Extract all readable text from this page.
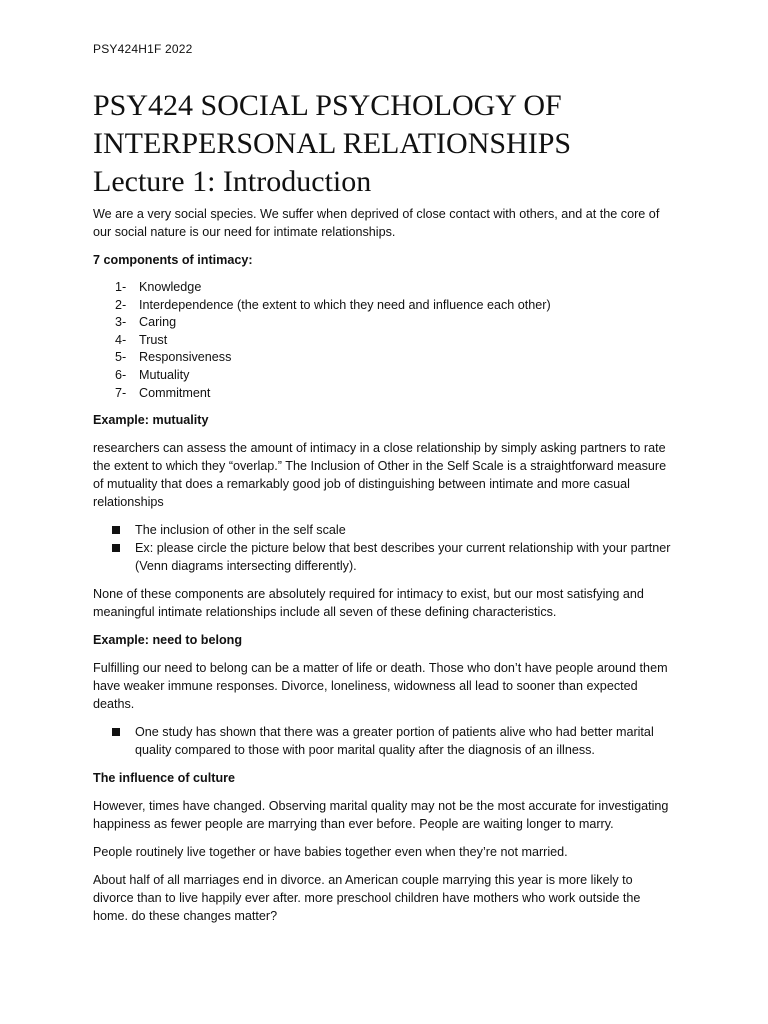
PSY424H1F 2022
PSY424 SOCIAL PSYCHOLOGY OF
INTERPERSONAL RELATIONSHIPS
Lecture 1: Introduction

We are a very social species. We suffer when deprived of close contact with others, and at the core of our social nature is our need for intimate relationships.

7 components of intimacy:

1- Knowledge
2- Interdependence (the extent to which they need and influence each other)
3- Caring
4- Trust
5- Responsiveness
6- Mutuality
7- Commitment

Example: mutuality

researchers can assess the amount of intimacy in a close relationship by simply asking partners to rate the extent to which they “overlap.” The Inclusion of Other in the Self Scale is a straightforward measure of mutuality that does a remarkably good job of distinguishing between intimate and more casual relationships

The inclusion of other in the self scale
Ex: please circle the picture below that best describes your current relationship with your partner (Venn diagrams intersecting differently).

None of these components are absolutely required for intimacy to exist, but our most satisfying and meaningful intimate relationships include all seven of these defining characteristics.

Example: need to belong

Fulfilling our need to belong can be a matter of life or death. Those who don’t have people around them have weaker immune responses. Divorce, loneliness, widowness all lead to sooner than expected deaths.

One study has shown that there was a greater portion of patients alive who had better marital quality compared to those with poor marital quality after the diagnosis of an illness.

The influence of culture

However, times have changed. Observing marital quality may not be the most accurate for investigating happiness as fewer people are marrying than ever before. People are waiting longer to marry.

People routinely live together or have babies together even when they’re not married.

About half of all marriages end in divorce. an American couple marrying this year is more likely to divorce than to live happily ever after. more preschool children have mothers who work outside the home. do these changes matter?
